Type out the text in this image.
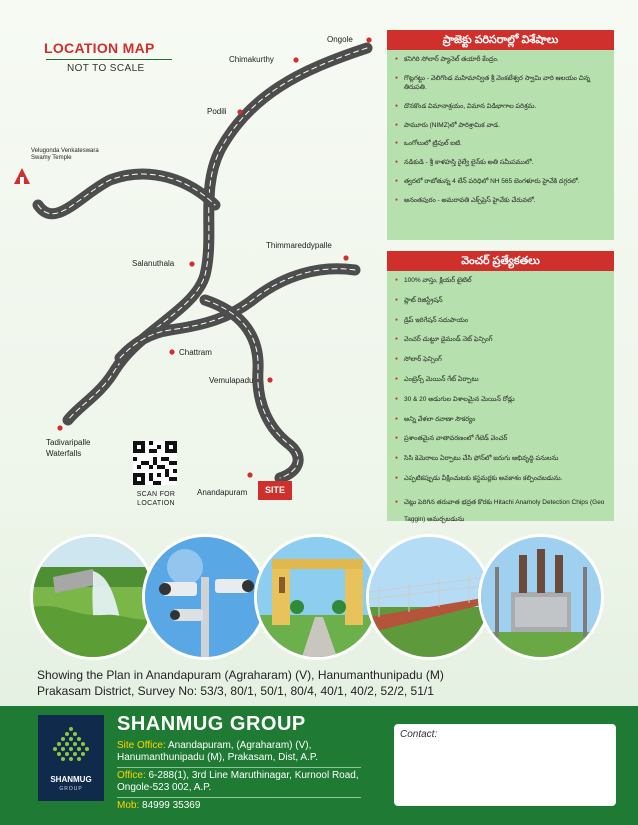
LOCATION MAP
NOT TO SCALE
Ongole
Chimakurthy
Podili
Velugonda Venkateswara Swamy Temple
Salanuthala
Thimmareddypalle
Chattram
Vemulapadu
Tadivaripalle Waterfalls
Anandapuram
SCAN FOR LOCATION
SITE
ప్రాజెక్టు పరిసరాల్లో విశేషాలు
● కనిగిరి సోలార్ ప్యానెల్ తయారీ కేంద్రం.
● గొట్లగట్టు - వెలిగొండ మహిమాన్విత శ్రీ వెంకటేశ్వర స్వామి వారి ఆలయం చిన్న తిరుపతి.
● దొనకొండ విమానాశ్రయం, విమాన విడిభాగాల పరిశ్రమ.
● పామూరు (NIMZ)లో పారిశ్రామిక వాడ.
● ఒంగోలులో ట్రిపుల్ ఐటి.
● నడికుడి - శ్రీ కాళహస్తి రైల్వే లైన్‌కు అతి సమీపములో.
● త్వరలో రాబోతున్న 4 లేన్ పరిధిలో NH 565 బెంగళూరు హైవేకి దగ్గరలో.
● అనంతపురం - అమరావతి ఎక్స్‌ప్రెస్ హైవేకు చేరువలో.
వెంచర్ ప్రత్యేకతలు
● 100% వాస్తు, క్లియర్ టైటిల్
● ప్లాట్ రిజిస్ట్రేషన్
● డ్రిప్ ఇరిగేషన్ సదుపాయం
● వెంచర్ చుట్టూ డైమండ్ నెట్ ఫెన్సింగ్
● సోలార్ ఫెన్సింగ్
● ఎంట్రెన్స్ మెయిన్ గేట్ ఏర్పాటు
● 30 & 20 అడుగుల విశాలమైన మెయిన్ రోడ్లు
● అన్ని వేళలా రవాణా సౌకర్యం
● ప్రశాంతమైన వాతావరణంలో గేటెడ్ వెంచర్
● సిసి కెమెరాలు ఏర్పాటు చేసి ఫోన్‌లో జరుగు అభివృద్ధి పనులను
● ఎప్పటికప్పుడు వీక్షించుటకు కస్టమర్లకు అవకాశం కల్పించబడును.
● చెట్లు పెరిగిన తరువాత భద్రత కొరకు Hitachi Anamoly Detection Chips (Geo Taggin) అమర్చబడును
Showing the Plan in Anandapuram (Agraharam) (V), Hanumanthunipadu (M)
Prakasam District, Survey No: 53/3, 80/1, 50/1, 80/4, 40/1, 40/2, 52/2, 51/1
SHANMUG
GROUP
SHANMUG GROUP
Site Office: Anandapuram, (Agraharam) (V), Hanumanthunipadu (M), Prakasam, Dist, A.P.
Office: 6-288(1), 3rd Line Maruthinagar, Kurnool Road, Ongole-523 002, A.P.
Mob: 84999 35369
Contact:
